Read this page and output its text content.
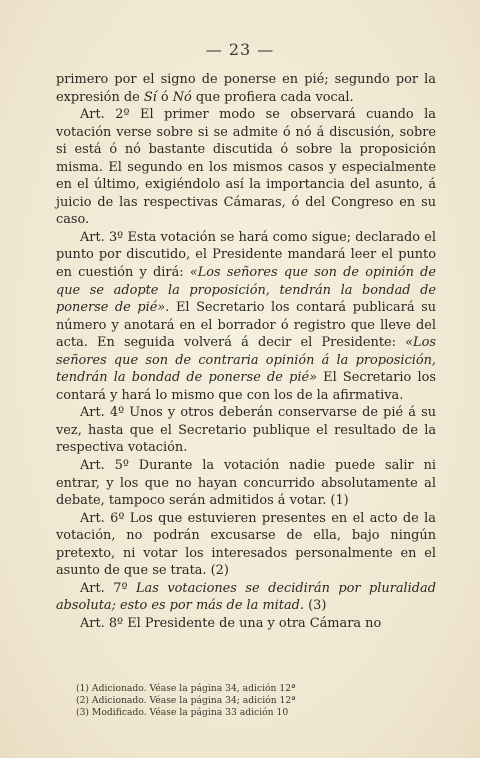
— 23 —

primero por el signo de ponerse en pié; segundo por la expresión de Sí ó Nó que profiera cada vocal.

Art. 2º El primer modo se observará cuando la votación verse sobre si se admite ó nó á discusión, sobre si está ó nó bastante discutida ó sobre la proposición misma. El segundo en los mismos casos y especialmente en el último, exigiéndolo así la importancia del asunto, á juicio de las respectivas Cámaras, ó del Congreso en su caso.

Art. 3º Esta votación se hará como sigue; declarado el punto por discutido, el Presidente mandará leer el punto en cuestión y dirá: «Los señores que son de opinión de que se adopte la proposición, tendrán la bondad de ponerse de pié». El Secretario los contará publicará su número y anotará en el borrador ó registro que lleve del acta. En seguida volverá á decir el Presidente: «Los señores que son de contraria opinión á la proposición, tendrán la bondad de ponerse de pié» El Secretario los contará y hará lo mismo que con los de la afirmativa.

Art. 4º Unos y otros deberán conservarse de pié á su vez, hasta que el Secretario publique el resultado de la respectiva votación.

Art. 5º Durante la votación nadie puede salir ni entrar, y los que no hayan concurrido absolutamente al debate, tampoco serán admitidos á votar. (1)

Art. 6º Los que estuvieren presentes en el acto de la votación, no podrán excusarse de ella, bajo ningún pretexto, ni votar los interesados personalmente en el asunto de que se trata. (2)

Art. 7º Las votaciones se decidirán por pluralidad absoluta; esto es por más de la mitad. (3)

Art. 8º El Presidente de una y otra Cámara no

(1) Adicionado. Véase la página 34, adición 12ª
(2) Adicionado. Véase la página 34; adición 12ª
(3) Modificado. Véase la página 33 adición 10
